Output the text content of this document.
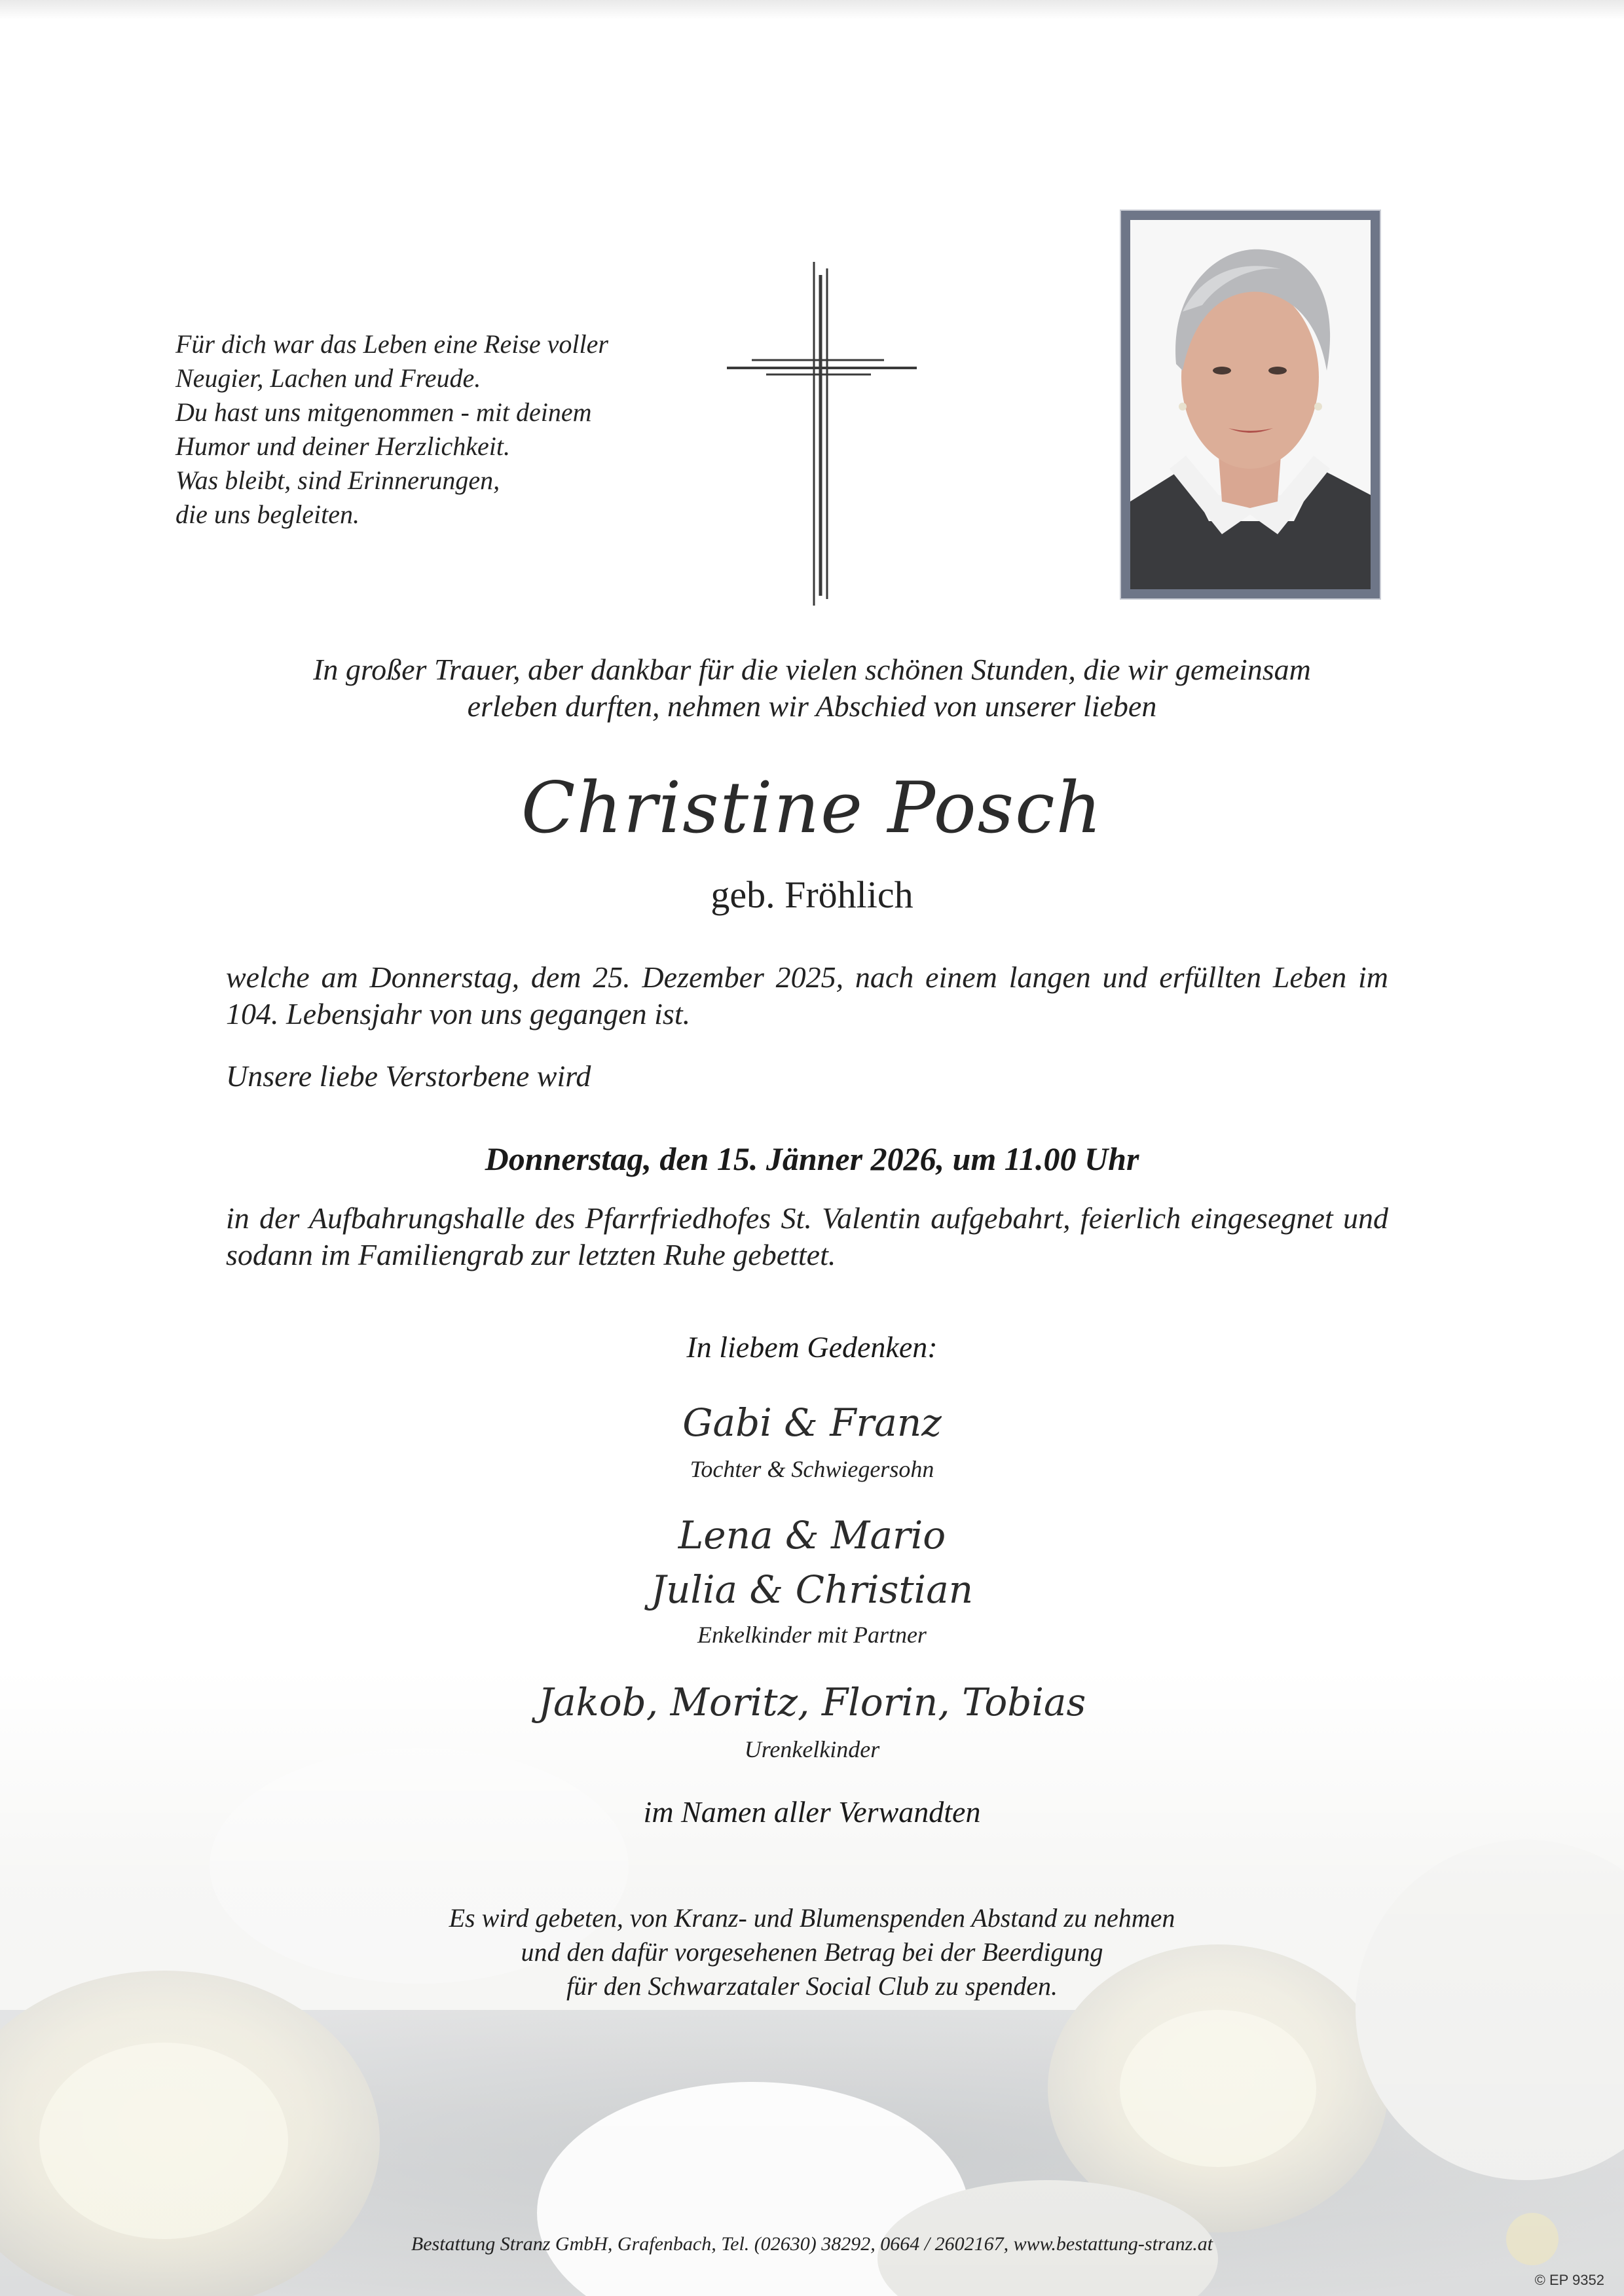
Für dich war das Leben eine Reise voller
Neugier, Lachen und Freude.
Du hast uns mitgenommen - mit deinem
Humor und deiner Herzlichkeit.
Was bleibt, sind Erinnerungen,
die uns begleiten.
In großer Trauer, aber dankbar für die vielen schönen Stunden, die wir gemeinsam
erleben durften, nehmen wir Abschied von unserer lieben
Christine Posch
geb. Fröhlich
welche am Donnerstag, dem 25. Dezember 2025, nach einem langen und erfüllten Leben im 104. Lebensjahr von uns gegangen ist.
Unsere liebe Verstorbene wird
Donnerstag, den 15. Jänner 2026, um 11.00 Uhr
in der Aufbahrungshalle des Pfarrfriedhofes St. Valentin aufgebahrt, feierlich eingesegnet und sodann im Familiengrab zur letzten Ruhe gebettet.
In liebem Gedenken:
Gabi & Franz
Tochter & Schwiegersohn
Lena & Mario
Julia & Christian
Enkelkinder mit Partner
Jakob, Moritz, Florin, Tobias
Urenkelkinder
im Namen aller Verwandten
Es wird gebeten, von Kranz- und Blumenspenden Abstand zu nehmen
und den dafür vorgesehenen Betrag bei der Beerdigung
für den Schwarzataler Social Club zu spenden.
Bestattung Stranz GmbH, Grafenbach, Tel. (02630) 38292, 0664 / 2602167, www.bestattung-stranz.at
© EP 9352
